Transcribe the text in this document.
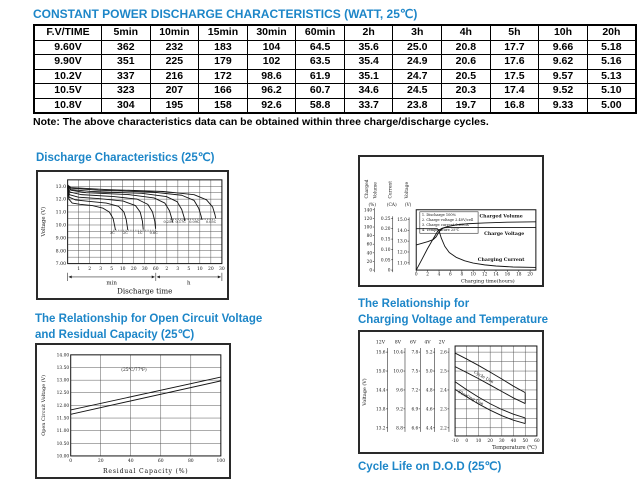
CONSTANT POWER DISCHARGE CHARACTERISTICS (WATT, 25℃)
F.V/TIME	5min	10min	15min	30min	60min	2h	3h	4h	5h	10h	20h
9.60V	362	232	183	104	64.5	35.6	25.0	20.8	17.7	9.66	5.18
9.90V	351	225	179	102	63.5	35.4	24.9	20.6	17.6	9.62	5.16
10.2V	337	216	172	98.6	61.9	35.1	24.7	20.5	17.5	9.57	5.13
10.5V	323	207	166	96.2	60.7	34.6	24.5	20.3	17.4	9.52	5.10
10.8V	304	195	158	92.6	58.8	33.7	23.8	19.7	16.8	9.33	5.00
Note: The above characteristics data can be obtained within three charge/discharge cycles.
Discharge Characteristics (25℃)
3C 2C	1C 0.6C
0.25C 0.17C 0.09C 0.05C
13.0
12.0
11.0
10.0
9.00
8.00
7.00
1 2 3 5 10 20 30 60 2 3 5 10 20 30
Voltage (V)
min	h
Discharge time
Charged Volume Current	Voltage
(%) (CA) (V)
140
120
100
80
60
40
20
0
0.25
0.20
0.15
0.10
0.05
0
15.0
14.0
13.0
12.0
11.0
0 2 4 6 8 10 12 14 16 18 20
Charging time(hours)
1. Discharge 100%
2. Charge voltage 2.40V/cell
3. Charge current 0.25CA
4. Temperature 25℃
Charged Volume
Charge Voltage
Charging Current
The Relationship for Open Circuit Voltage
and Residual Capacity (25℃)
14.00
13.50
13.00
12.50
12.00
11.50
11.00
10.50
10.00
0	20	40	60	80	100
Open Circuit Voltage (V)
(25℃/77℉)
Residual Capacity (%)
The Relationship for
Charging Voltage and Temperature
12V
15.6
15.0
14.4
13.8
13.2
8V
10.4
10.0
9.6
9.2
8.8
6V
7.8
7.5
7.2
6.9
6.6
4V
5.2
5.0
4.8
4.6
4.4
2V
2.6
2.5
2.4
2.3
2.2
Voltage (V)
Cycle Use
Floating Use
-10 0 10 20 30 40 50 60
Temperature (℃)
Cycle Life on D.O.D (25℃)
